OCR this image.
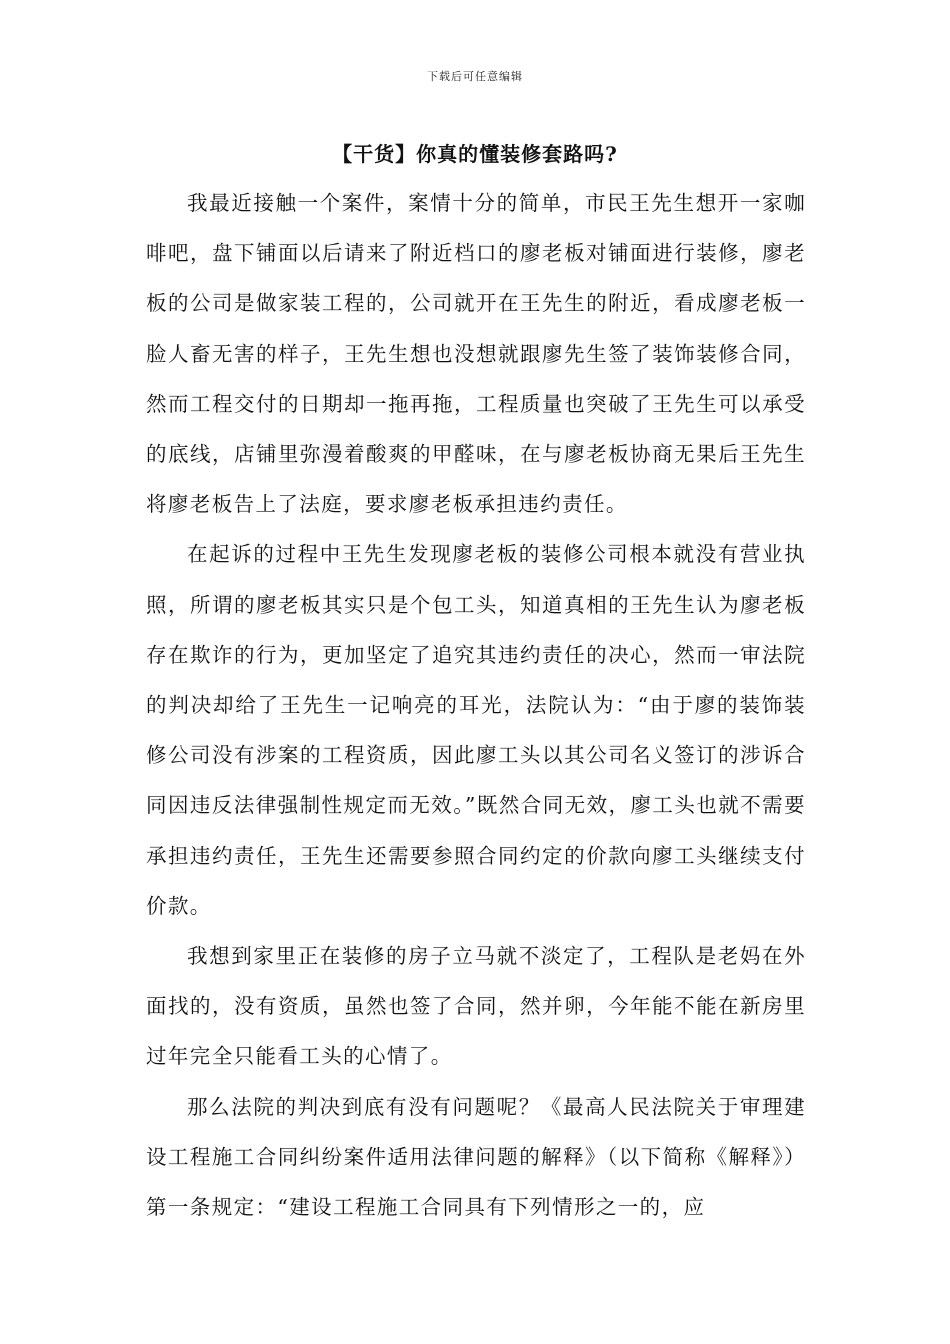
下载后可任意编辑
【干货】你真的懂装修套路吗?

我最近接触一个案件，案情十分的简单，市民王先生想开一家咖啡吧，盘下铺面以后请来了附近档口的廖老板对铺面进行装修，廖老板的公司是做家装工程的，公司就开在王先生的附近，看成廖老板一脸人畜无害的样子，王先生想也没想就跟廖先生签了装饰装修合同，然而工程交付的日期却一拖再拖，工程质量也突破了王先生可以承受的底线，店铺里弥漫着酸爽的甲醛味，在与廖老板协商无果后王先生将廖老板告上了法庭，要求廖老板承担违约责任。

在起诉的过程中王先生发现廖老板的装修公司根本就没有营业执照，所谓的廖老板其实只是个包工头，知道真相的王先生认为廖老板存在欺诈的行为，更加坚定了追究其违约责任的决心，然而一审法院的判决却给了王先生一记响亮的耳光，法院认为：“由于廖的装饰装修公司没有涉案的工程资质，因此廖工头以其公司名义签订的涉诉合同因违反法律强制性规定而无效。”既然合同无效，廖工头也就不需要承担违约责任，王先生还需要参照合同约定的价款向廖工头继续支付价款。

我想到家里正在装修的房子立马就不淡定了，工程队是老妈在外面找的，没有资质，虽然也签了合同，然并卵，今年能不能在新房里过年完全只能看工头的心情了。

那么法院的判决到底有没有问题呢？《最高人民法院关于审理建设工程施工合同纠纷案件适用法律问题的解释》（以下简称《解释》）第一条规定：“建设工程施工合同具有下列情形之一的，应
